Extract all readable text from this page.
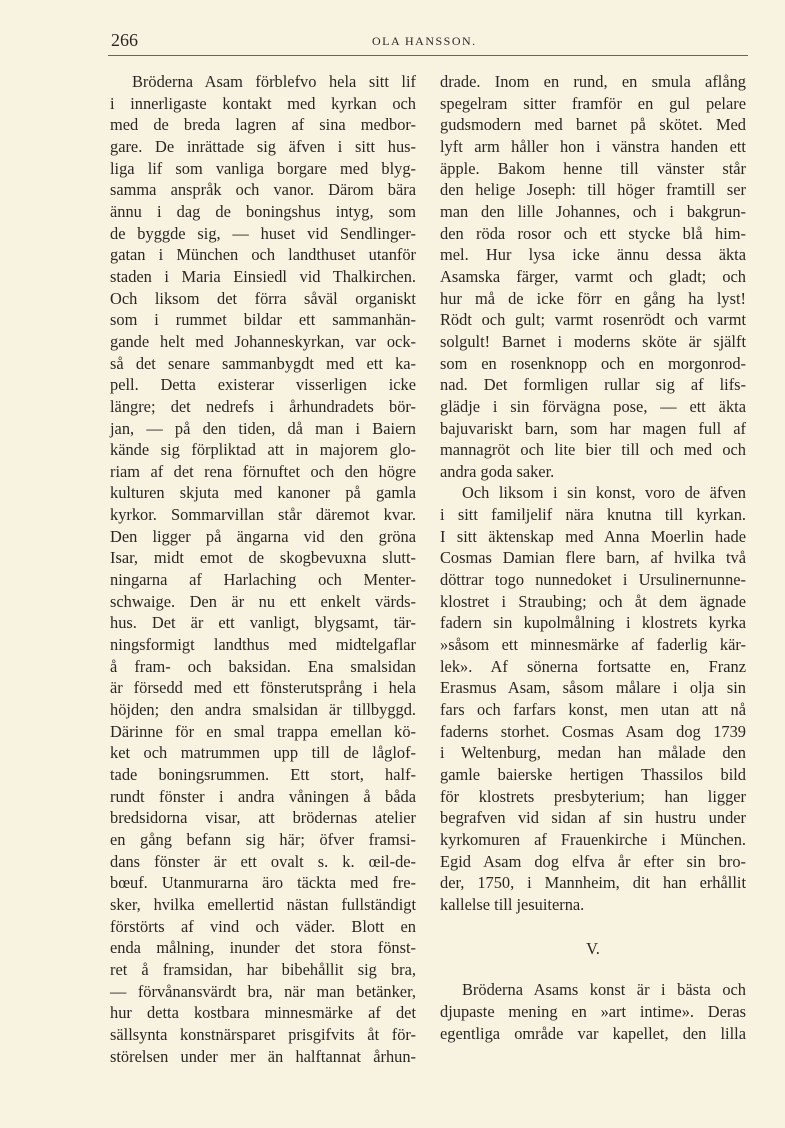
266	OLA HANSSON.
Bröderna Asam förblefvo hela sitt lif
i innerligaste kontakt med kyrkan och
med de breda lagren af sina medbor-
gare. De inrättade sig äfven i sitt hus-
liga lif som vanliga borgare med blyg-
samma anspråk och vanor. Därom bära
ännu i dag de boningshus intyg, som
de byggde sig, — huset vid Sendlinger-
gatan i München och landthuset utanför
staden i Maria Einsiedl vid Thalkirchen.
Och liksom det förra såväl organiskt
som i rummet bildar ett sammanhän-
gande helt med Johanneskyrkan, var ock-
så det senare sammanbygdt med ett ka-
pell. Detta existerar visserligen icke
längre; det nedrefs i århundradets bör-
jan, — på den tiden, då man i Baiern
kände sig förpliktad att in majorem glo-
riam af det rena förnuftet och den högre
kulturen skjuta med kanoner på gamla
kyrkor. Sommarvillan står däremot kvar.
Den ligger på ängarna vid den gröna
Isar, midt emot de skogbevuxna slutt-
ningarna af Harlaching och Menter-
schwaige. Den är nu ett enkelt värds-
hus. Det är ett vanligt, blygsamt, tär-
ningsformigt landthus med midtelgaflar
å fram- och baksidan. Ena smalsidan
är försedd med ett fönsterutsprång i hela
höjden; den andra smalsidan är tillbyggd.
Därinne för en smal trappa emellan kö-
ket och matrummen upp till de låglof-
tade boningsrummen. Ett stort, half-
rundt fönster i andra våningen å båda
bredsidorna visar, att brödernas atelier
en gång befann sig här; öfver framsi-
dans fönster är ett ovalt s. k. œil-de-
bœuf. Utanmurarna äro täckta med fre-
sker, hvilka emellertid nästan fullständigt
förstörts af vind och väder. Blott en
enda målning, inunder det stora fönst-
ret å framsidan, har bibehållit sig bra,
— förvånansvärdt bra, när man betänker,
hur detta kostbara minnesmärke af det
sällsynta konstnärsparet prisgifvits åt för-
störelsen under mer än halftannat århun-
drade. Inom en rund, en smula aflång
spegelram sitter framför en gul pelare
gudsmodern med barnet på skötet. Med
lyft arm håller hon i vänstra handen ett
äpple. Bakom henne till vänster står
den helige Joseph: till höger framtill ser
man den lille Johannes, och i bakgrun-
den röda rosor och ett stycke blå him-
mel. Hur lysa icke ännu dessa äkta
Asamska färger, varmt och gladt; och
hur må de icke förr en gång ha lyst!
Rödt och gult; varmt rosenrödt och varmt
solgult! Barnet i moderns sköte är själft
som en rosenknopp och en morgonrod-
nad. Det formligen rullar sig af lifs-
glädje i sin förvägna pose, — ett äkta
bajuvariskt barn, som har magen full af
mannagröt och lite bier till och med och
andra goda saker.
Och liksom i sin konst, voro de äfven
i sitt familjelif nära knutna till kyrkan.
I sitt äktenskap med Anna Moerlin hade
Cosmas Damian flere barn, af hvilka två
döttrar togo nunnedoket i Ursulinernunne-
klostret i Straubing; och åt dem ägnade
fadern sin kupolmålning i klostrets kyrka
»såsom ett minnesmärke af faderlig kär-
lek». Af sönerna fortsatte en, Franz
Erasmus Asam, såsom målare i olja sin
fars och farfars konst, men utan att nå
faderns storhet. Cosmas Asam dog 1739
i Weltenburg, medan han målade den
gamle baierske hertigen Thassilos bild
för klostrets presbyterium; han ligger
begrafven vid sidan af sin hustru under
kyrkomuren af Frauenkirche i München.
Egid Asam dog elfva år efter sin bro-
der, 1750, i Mannheim, dit han erhållit
kallelse till jesuiterna.
V.
Bröderna Asams konst är i bästa och
djupaste mening en »art intime». Deras
egentliga område var kapellet, den lilla
